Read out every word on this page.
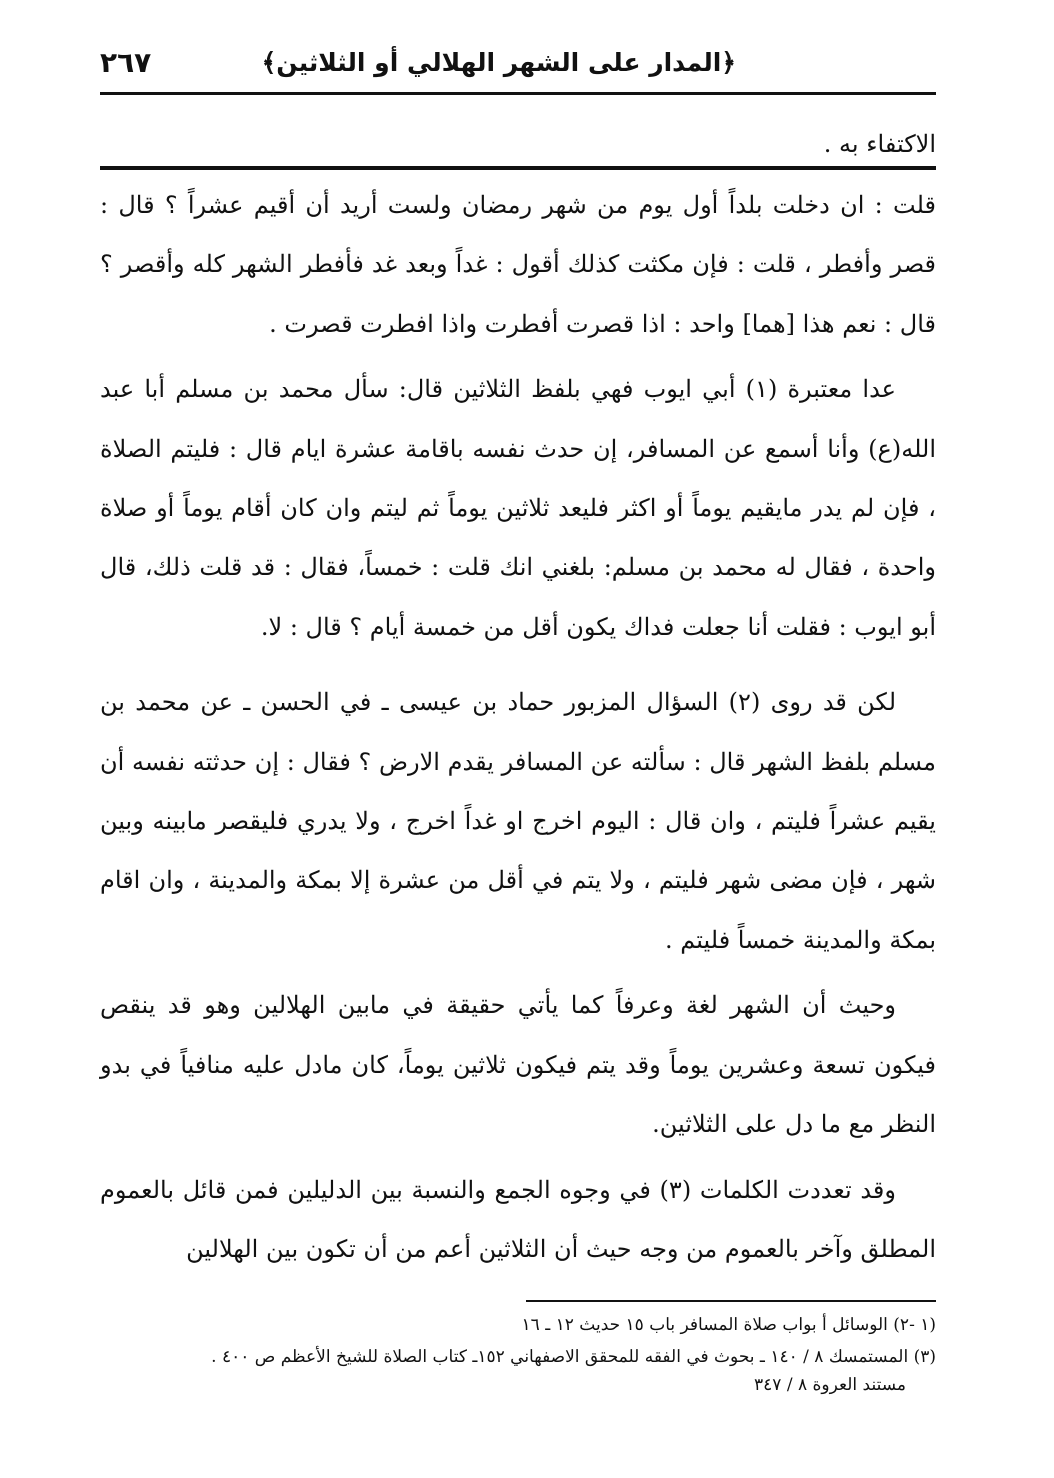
﴿المدار على الشهر الهلالي أو الثلاثين﴾
٢٦٧
الاكتفاء به .

قلت : ان دخلت بلداً أول يوم من شهر رمضان ولست أريد أن أقيم عشراً ؟ قال : قصر وأفطر ، قلت : فإن مكثت كذلك أقول : غداً وبعد غد فأفطر الشهر كله وأقصر ؟ قال : نعم هذا [هما] واحد : اذا قصرت أفطرت واذا افطرت قصرت .

عدا معتبرة (١) أبي ايوب فهي بلفظ الثلاثين قال: سأل محمد بن مسلم أبا عبد الله(ع) وأنا أسمع عن المسافر، إن حدث نفسه باقامة عشرة ايام قال : فليتم الصلاة ، فإن لم يدر مايقيم يوماً أو اكثر فليعد ثلاثين يوماً ثم ليتم وان كان أقام يوماً أو صلاة واحدة ، فقال له محمد بن مسلم: بلغني انك قلت : خمساً، فقال : قد قلت ذلك، قال أبو ايوب : فقلت أنا جعلت فداك يكون أقل من خمسة أيام ؟ قال : لا.

لكن قد روى (٢) السؤال المزبور حماد بن عيسى ـ في الحسن ـ عن محمد بن مسلم بلفظ الشهر قال : سألته عن المسافر يقدم الارض ؟ فقال : إن حدثته نفسه أن يقيم عشراً فليتم ، وان قال : اليوم اخرج او غداً اخرج ، ولا يدري فليقصر مابينه وبين شهر ، فإن مضى شهر فليتم ، ولا يتم في أقل من عشرة إلا بمكة والمدينة ، وان اقام بمكة والمدينة خمساً فليتم .

وحيث أن الشهر لغة وعرفاً كما يأتي حقيقة في مابين الهلالين وهو قد ينقص فيكون تسعة وعشرين يوماً وقد يتم فيكون ثلاثين يوماً، كان مادل عليه منافياً في بدو النظر مع ما دل على الثلاثين.

وقد تعددت الكلمات (٣) في وجوه الجمع والنسبة بين الدليلين فمن قائل بالعموم المطلق وآخر بالعموم من وجه حيث أن الثلاثين أعم من أن تكون بين الهلالين

(١ -٢) الوسائل أ بواب صلاة المسافر باب ١٥ حديث ١٢ ـ ١٦

(٣) المستمسك ٨ / ١٤٠ ـ بحوث في الفقه للمحقق الاصفهاني ١٥٢ـ كتاب الصلاة للشيخ الأعظم ص ٤٠٠ .

مستند العروة ٨ / ٣٤٧
